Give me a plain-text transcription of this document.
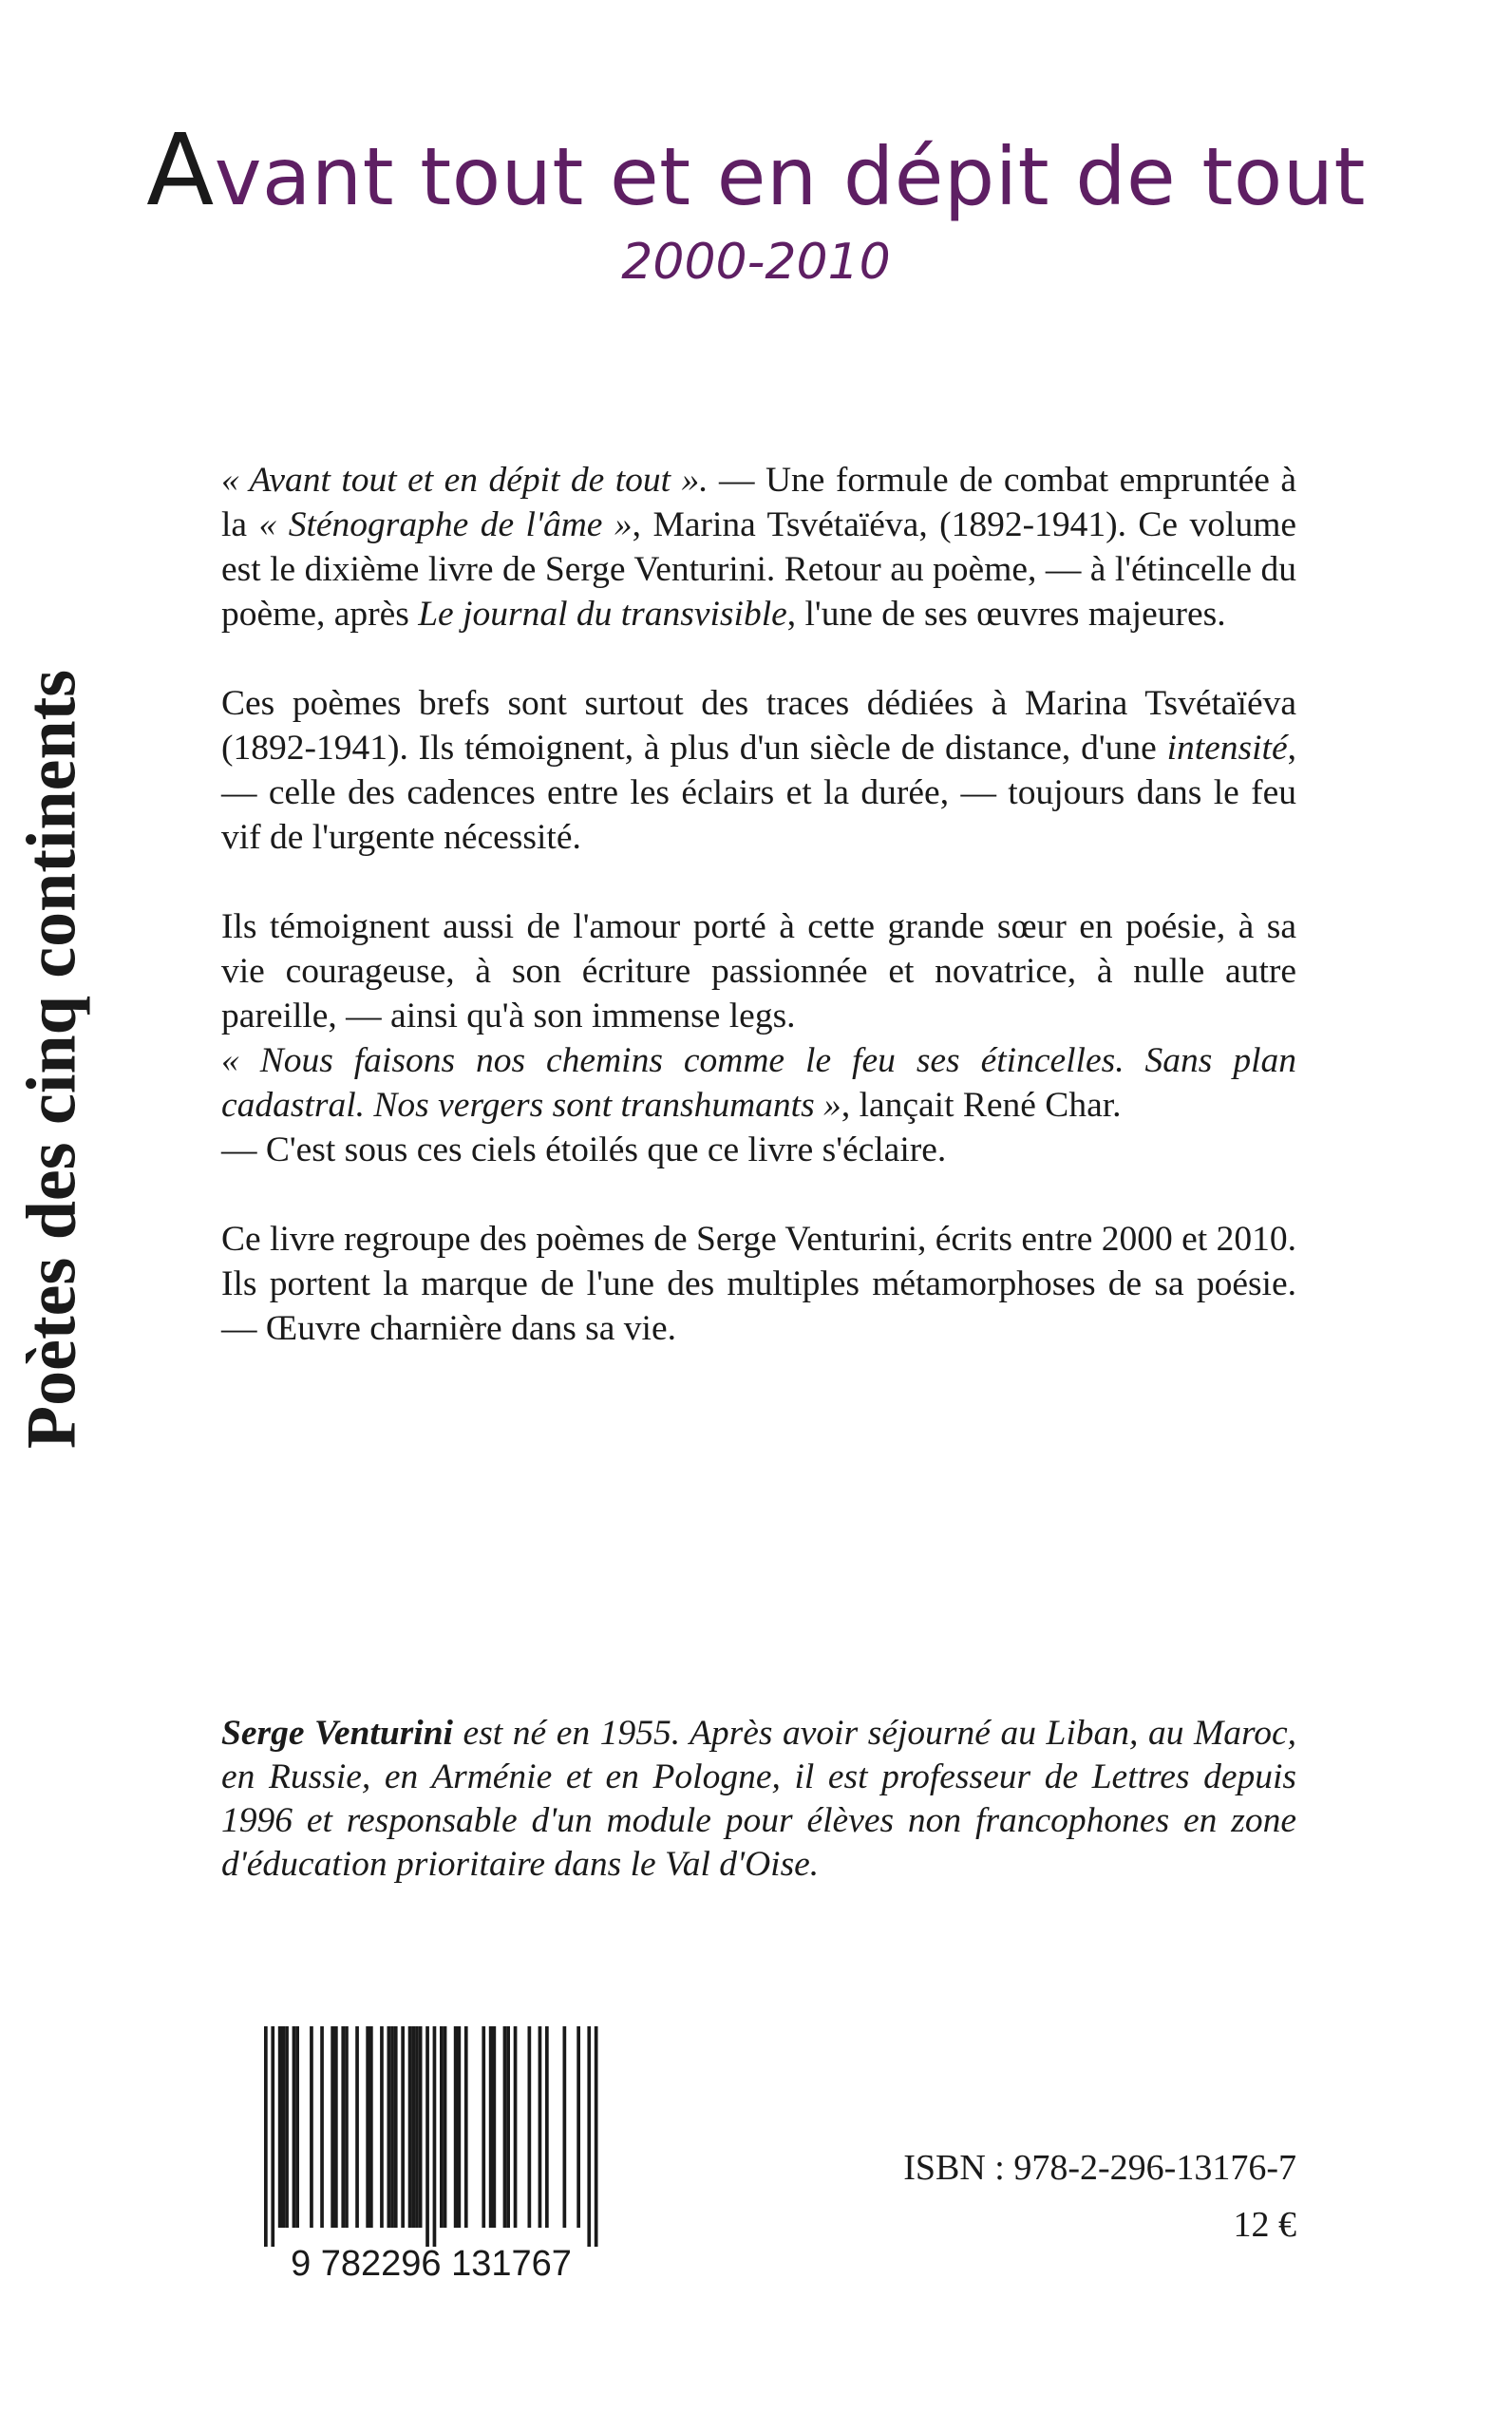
Poètes des cinq continents
Avant tout et en dépit de tout
2000-2010

« Avant tout et en dépit de tout ». — Une formule de combat empruntée à la « Sténographe de l'âme », Marina Tsvétaïéva, (1892-1941). Ce volume est le dixième livre de Serge Venturini. Retour au poème, — à l'étincelle du poème, après Le journal du transvisible, l'une de ses œuvres majeures.

Ces poèmes brefs sont surtout des traces dédiées à Marina Tsvétaïéva (1892-1941). Ils témoignent, à plus d'un siècle de distance, d'une intensité, — celle des cadences entre les éclairs et la durée, — toujours dans le feu vif de l'urgente nécessité.

Ils témoignent aussi de l'amour porté à cette grande sœur en poésie, à sa vie courageuse, à son écriture passionnée et novatrice, à nulle autre pareille, — ainsi qu'à son immense legs.
« Nous faisons nos chemins comme le feu ses étincelles. Sans plan cadastral. Nos vergers sont transhumants », lançait René Char.
— C'est sous ces ciels étoilés que ce livre s'éclaire.

Ce livre regroupe des poèmes de Serge Venturini, écrits entre 2000 et 2010. Ils portent la marque de l'une des multiples métamorphoses de sa poésie. — Œuvre charnière dans sa vie.

Serge Venturini est né en 1955. Après avoir séjourné au Liban, au Maroc, en Russie, en Arménie et en Pologne, il est professeur de Lettres depuis 1996 et responsable d'un module pour élèves non francophones en zone d'éducation prioritaire dans le Val d'Oise.
9 782296 131767
ISBN : 978-2-296-13176-7
12 €
